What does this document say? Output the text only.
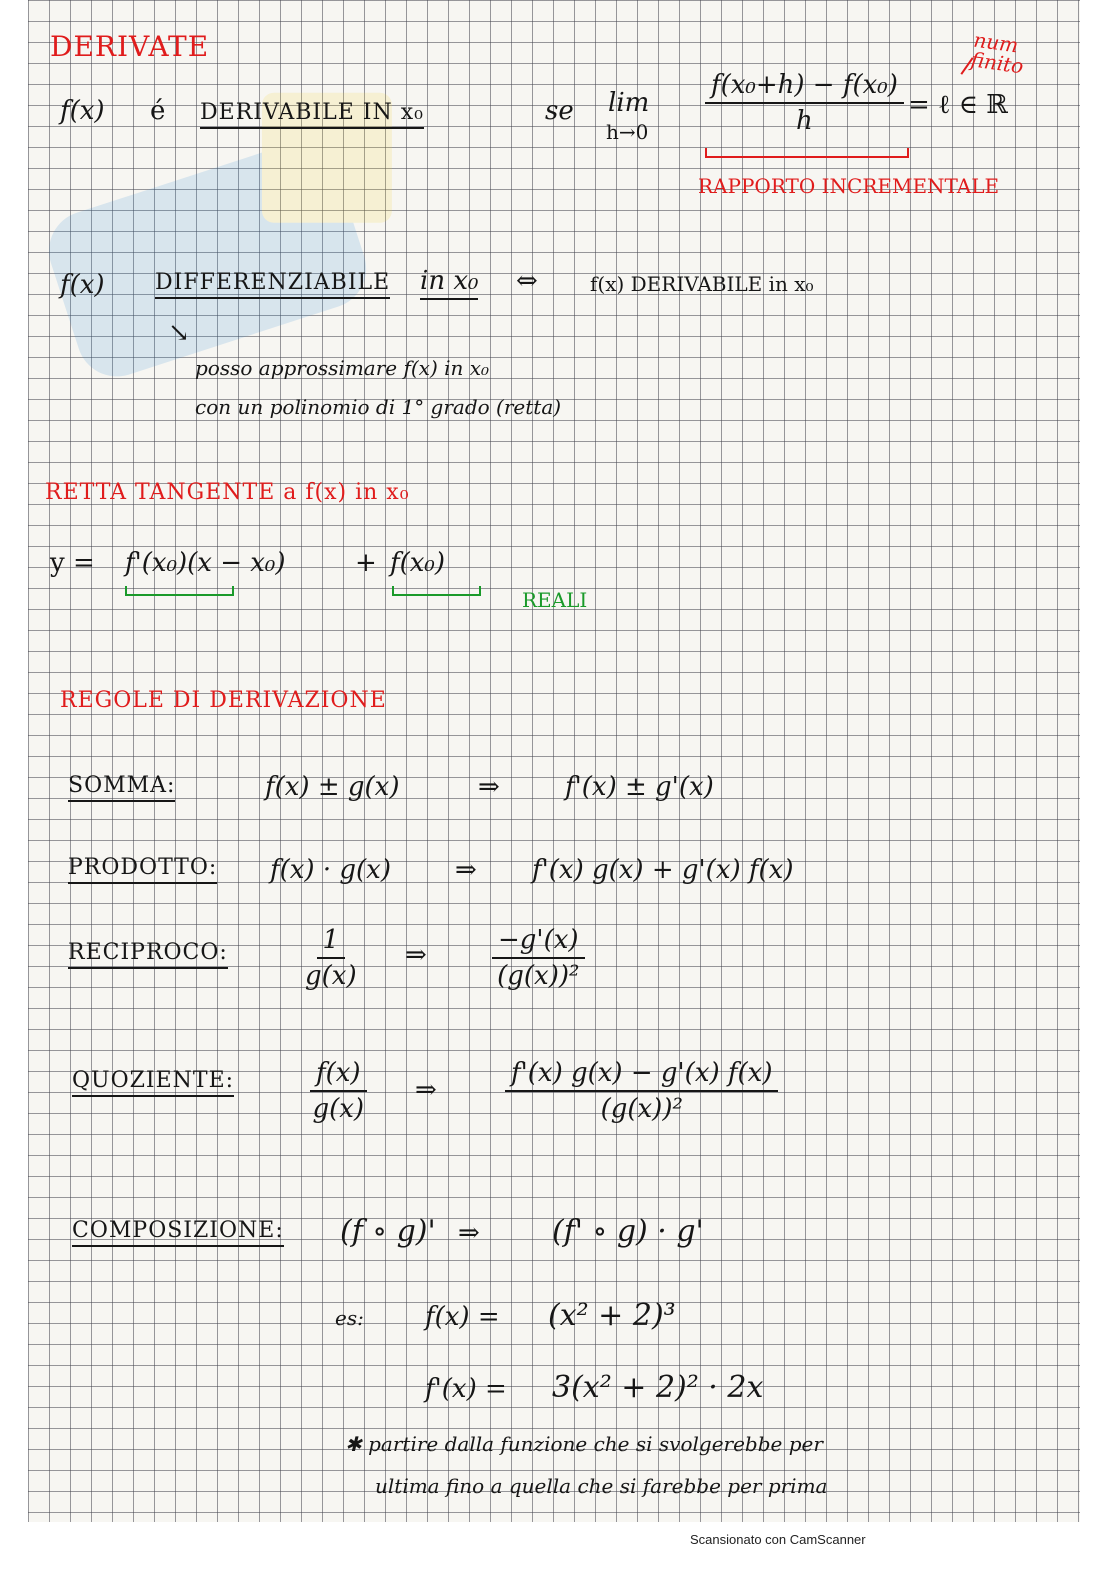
DERIVATE
f(x) é DERIVABILE IN x₀	se lim
$h\to 0 \frac{\text{f(x₀+h) − f(x₀)}}{h}$ = ℓ ∈ ℝ
num finito
RAPPORTO INCREMENTALE
f(x) DIFFERENZIABILE in x₀ ⇔	f(x) DERIVABILE in x₀
↘
posso approssimare f(x) in x₀
con un polinomio di 1° grado (retta)
RETTA TANGENTE a f(x) in x₀
y = f'(x₀)(x − x₀)	+ f(x₀)
REALI
REGOLE DI DERIVAZIONE
SOMMA:	f(x) ± g(x)	⇒	f'(x) ± g'(x)
PRODOTTO: f(x) · g(x) ⇒ f'(x) g(x) + g'(x) f(x)
RECIPROCO:	$\frac{1}{g(x)}$ ⇒	$\frac{-g'(x)}{\text{(g(x))²}}$
QUOZIENTE:	$\frac{f(x)}{g(x)}$ ⇒	$\frac{f'(x) g(x) - g'(x) f(x)}{\text{(g(x))²}}$
COMPOSIZIONE: (f ∘ g)' ⇒ (f' ∘ g) · g'
es: f(x) = (x² + 2)³
f'(x) = 3(x² + 2)² · 2x
✱ partire dalla funzione che si svolgerebbe per
ultima fino a quella che si farebbe per prima
Scansionato con CamScanner
